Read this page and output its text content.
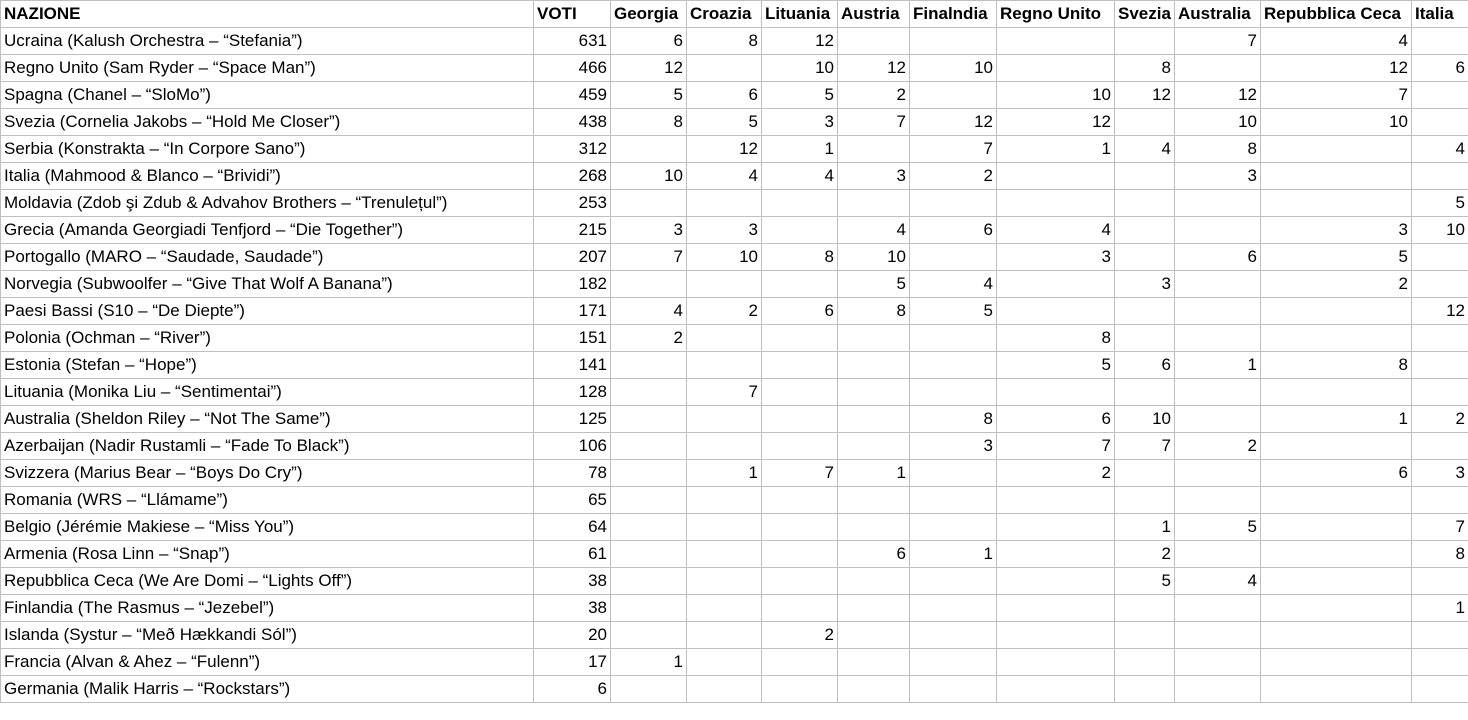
NAZIONE	VOTI	Georgia	Croazia	Lituania	Austria	Finalndia	Regno Unito	Svezia	Australia	Repubblica Ceca	Italia
Ucraina (Kalush Orchestra – “Stefania”)	631	6	8	12					7	4	
Regno Unito (Sam Ryder – “Space Man”)	466	12		10	12	10		8		12	6
Spagna (Chanel – “SloMo”)	459	5	6	5	2		10	12	12	7	
Svezia (Cornelia Jakobs – “Hold Me Closer”)	438	8	5	3	7	12	12		10	10	
Serbia (Konstrakta – “In Corpore Sano”)	312		12	1		7	1	4	8		4
Italia (Mahmood & Blanco – “Brividi”)	268	10	4	4	3	2			3		
Moldavia (Zdob şi Zdub & Advahov Brothers – “Trenulețul”)	253										5
Grecia (Amanda Georgiadi Tenfjord – “Die Together”)	215	3	3		4	6	4			3	10
Portogallo (MARO – “Saudade, Saudade”)	207	7	10	8	10		3		6	5	
Norvegia (Subwoolfer – “Give That Wolf A Banana”)	182				5	4		3		2	
Paesi Bassi (S10 – “De Diepte”)	171	4	2	6	8	5					12
Polonia (Ochman – “River”)	151	2					8				
Estonia (Stefan – “Hope”)	141						5	6	1	8	
Lituania (Monika Liu – “Sentimentai”)	128		7								
Australia (Sheldon Riley – “Not The Same”)	125					8	6	10		1	2
Azerbaijan (Nadir Rustamli – “Fade To Black”)	106					3	7	7	2		
Svizzera (Marius Bear – “Boys Do Cry”)	78		1	7	1		2			6	3
Romania (WRS – “Llámame”)	65										
Belgio (Jérémie Makiese – “Miss You”)	64							1	5		7
Armenia (Rosa Linn – “Snap”)	61				6	1		2			8
Repubblica Ceca (We Are Domi – “Lights Off”)	38							5	4		
Finlandia (The Rasmus – “Jezebel”)	38										1
Islanda (Systur – “Með Hækkandi Sól”)	20			2							
Francia (Alvan & Ahez – “Fulenn”)	17	1									
Germania (Malik Harris – “Rockstars”)	6										
